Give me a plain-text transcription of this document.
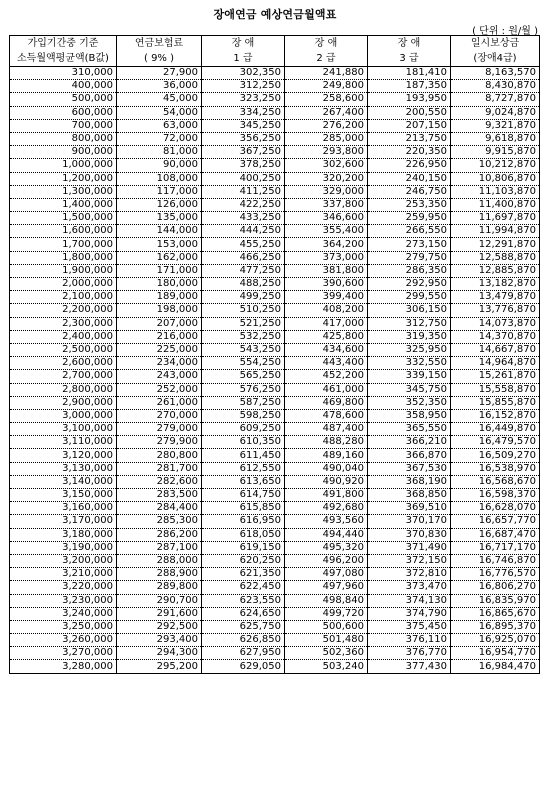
장애연금 예상연금월액표
( 단위 : 원/월 )
가입기간중 기준	연금보험료	장 애	장 애	장 애	일시보상금
소득월액평균액(B값)	( 9% )	1 급	2 급	3 급	(장애4급)
310,000	27,900	302,350	241,880	181,410	8,163,570
400,000	36,000	312,250	249,800	187,350	8,430,870
500,000	45,000	323,250	258,600	193,950	8,727,870
600,000	54,000	334,250	267,400	200,550	9,024,870
700,000	63,000	345,250	276,200	207,150	9,321,870
800,000	72,000	356,250	285,000	213,750	9,618,870
900,000	81,000	367,250	293,800	220,350	9,915,870
1,000,000	90,000	378,250	302,600	226,950	10,212,870
1,200,000	108,000	400,250	320,200	240,150	10,806,870
1,300,000	117,000	411,250	329,000	246,750	11,103,870
1,400,000	126,000	422,250	337,800	253,350	11,400,870
1,500,000	135,000	433,250	346,600	259,950	11,697,870
1,600,000	144,000	444,250	355,400	266,550	11,994,870
1,700,000	153,000	455,250	364,200	273,150	12,291,870
1,800,000	162,000	466,250	373,000	279,750	12,588,870
1,900,000	171,000	477,250	381,800	286,350	12,885,870
2,000,000	180,000	488,250	390,600	292,950	13,182,870
2,100,000	189,000	499,250	399,400	299,550	13,479,870
2,200,000	198,000	510,250	408,200	306,150	13,776,870
2,300,000	207,000	521,250	417,000	312,750	14,073,870
2,400,000	216,000	532,250	425,800	319,350	14,370,870
2,500,000	225,000	543,250	434,600	325,950	14,667,870
2,600,000	234,000	554,250	443,400	332,550	14,964,870
2,700,000	243,000	565,250	452,200	339,150	15,261,870
2,800,000	252,000	576,250	461,000	345,750	15,558,870
2,900,000	261,000	587,250	469,800	352,350	15,855,870
3,000,000	270,000	598,250	478,600	358,950	16,152,870
3,100,000	279,000	609,250	487,400	365,550	16,449,870
3,110,000	279,900	610,350	488,280	366,210	16,479,570
3,120,000	280,800	611,450	489,160	366,870	16,509,270
3,130,000	281,700	612,550	490,040	367,530	16,538,970
3,140,000	282,600	613,650	490,920	368,190	16,568,670
3,150,000	283,500	614,750	491,800	368,850	16,598,370
3,160,000	284,400	615,850	492,680	369,510	16,628,070
3,170,000	285,300	616,950	493,560	370,170	16,657,770
3,180,000	286,200	618,050	494,440	370,830	16,687,470
3,190,000	287,100	619,150	495,320	371,490	16,717,170
3,200,000	288,000	620,250	496,200	372,150	16,746,870
3,210,000	288,900	621,350	497,080	372,810	16,776,570
3,220,000	289,800	622,450	497,960	373,470	16,806,270
3,230,000	290,700	623,550	498,840	374,130	16,835,970
3,240,000	291,600	624,650	499,720	374,790	16,865,670
3,250,000	292,500	625,750	500,600	375,450	16,895,370
3,260,000	293,400	626,850	501,480	376,110	16,925,070
3,270,000	294,300	627,950	502,360	376,770	16,954,770
3,280,000	295,200	629,050	503,240	377,430	16,984,470
